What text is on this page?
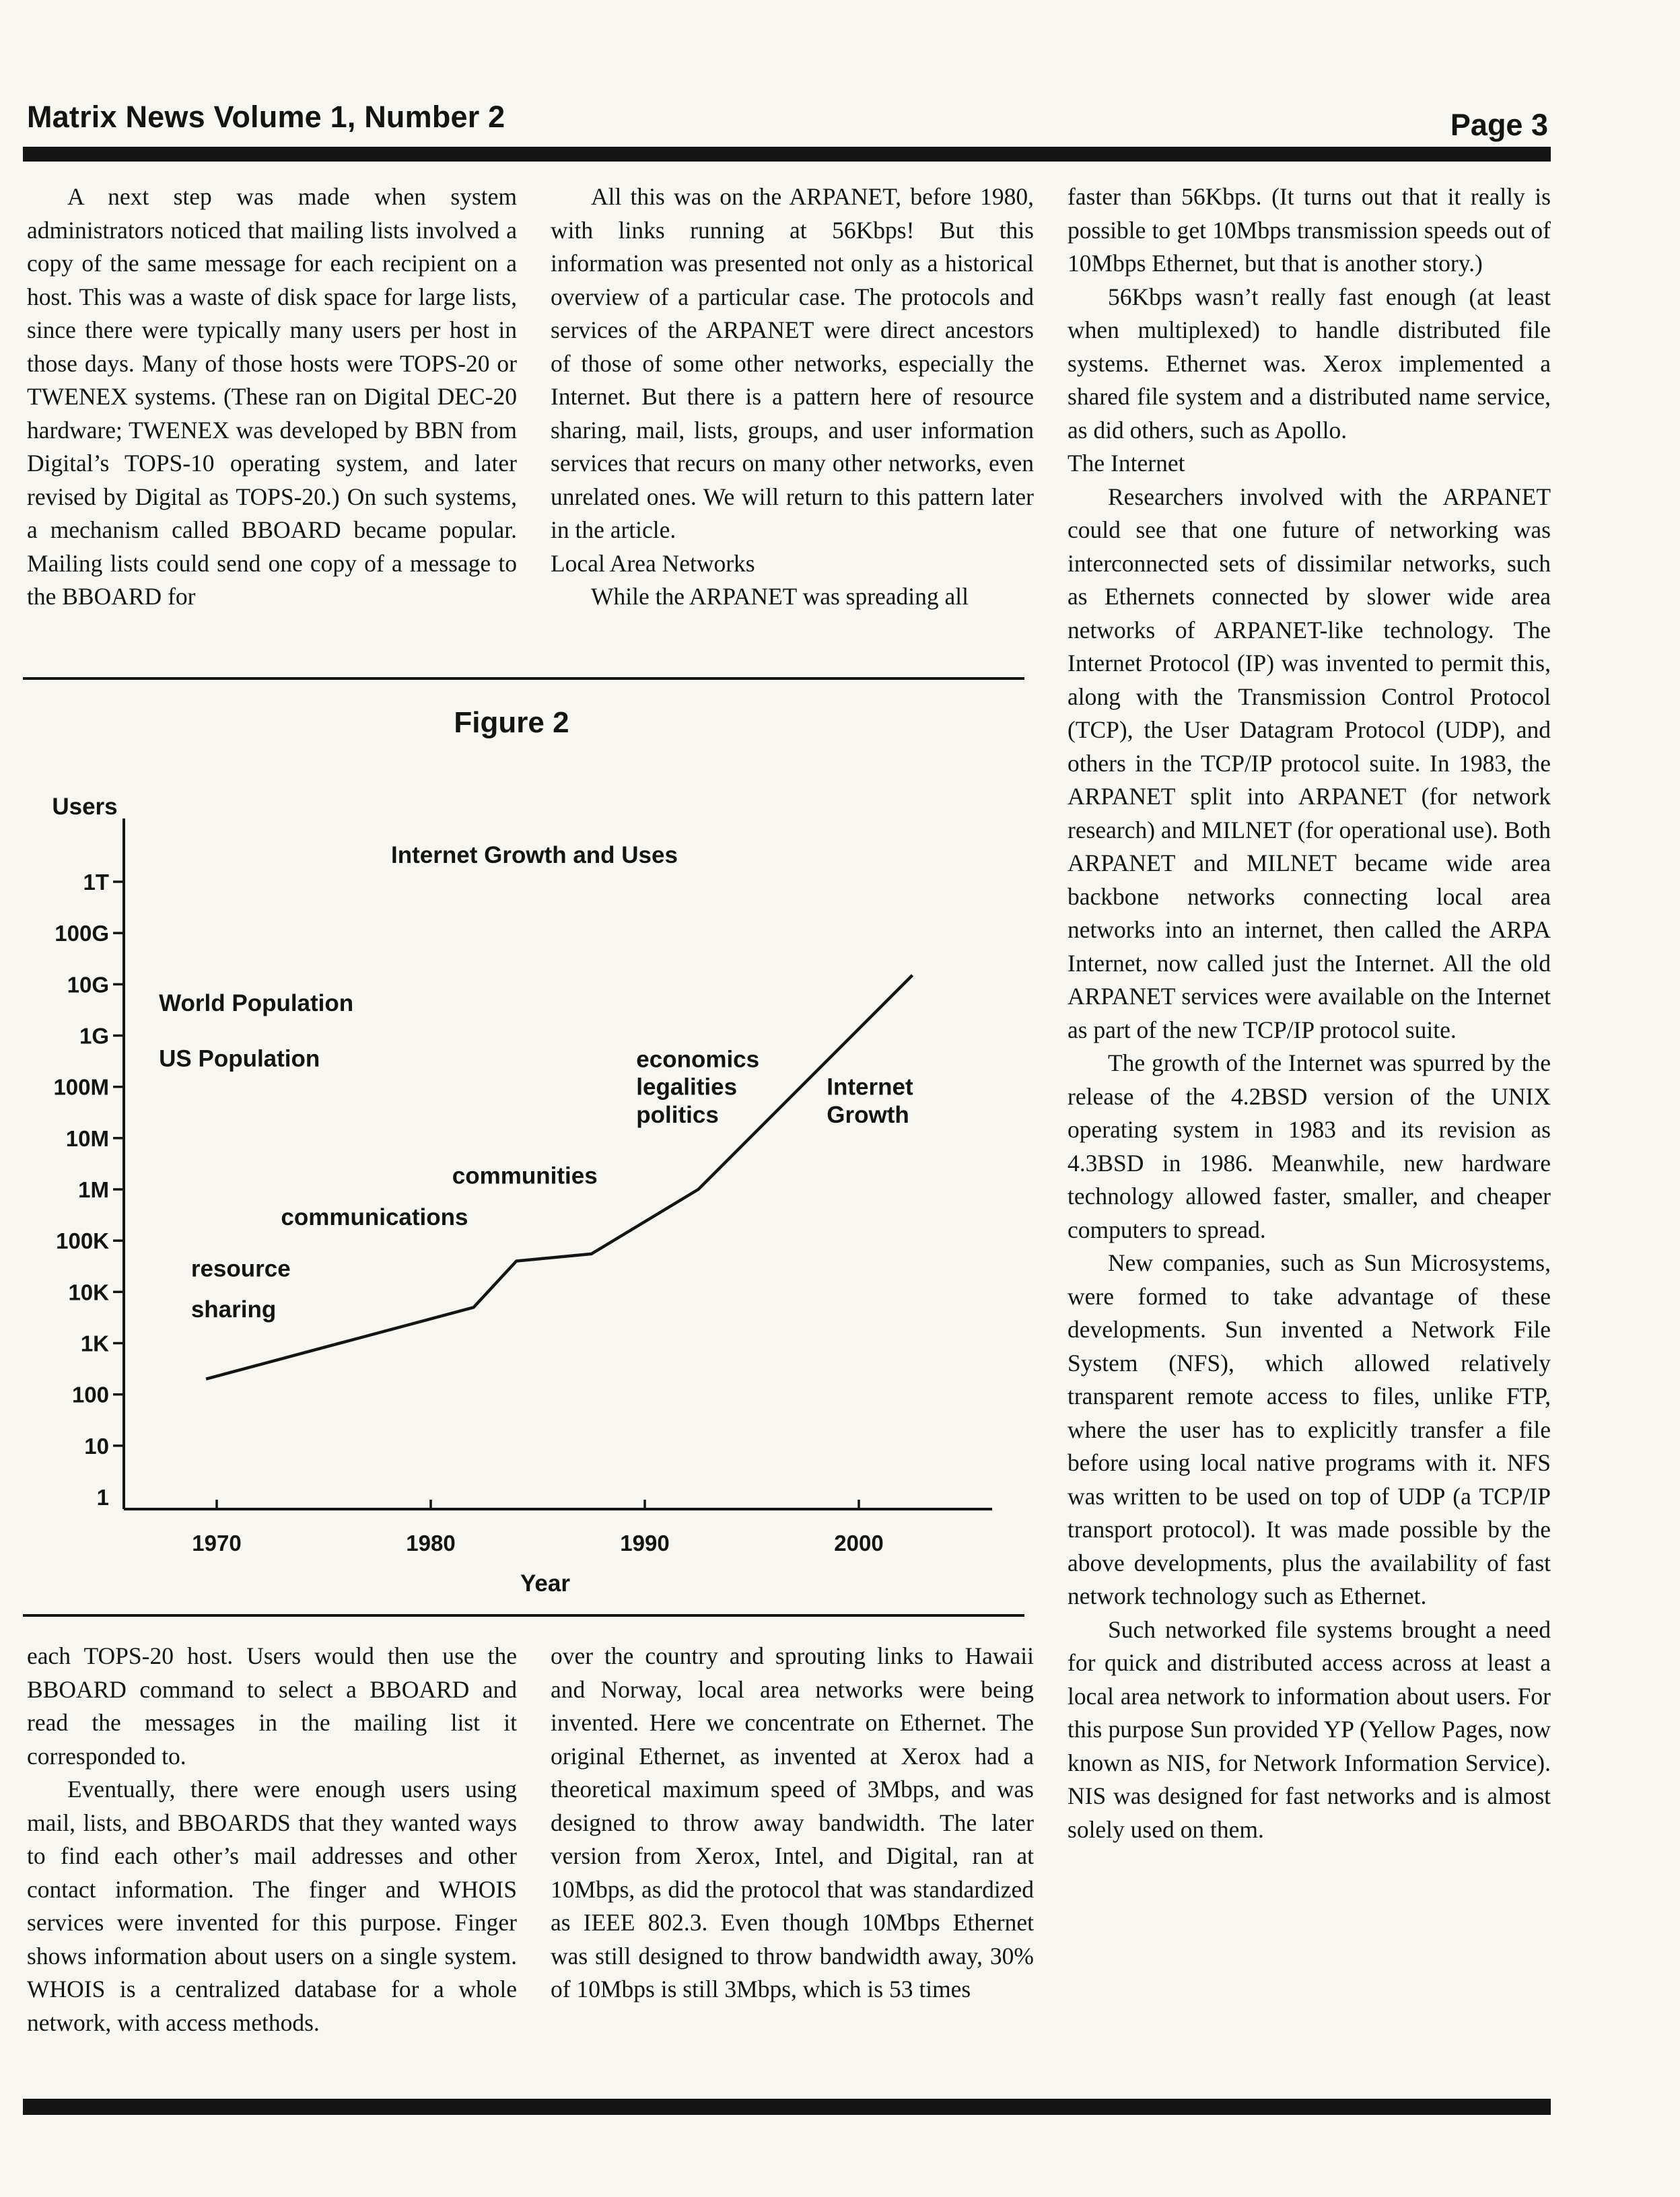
Matrix News Volume 1, Number 2	Page 3

A next step was made when system administrators noticed that mailing lists involved a copy of the same message for each recipient on a host. This was a waste of disk space for large lists, since there were typically many users per host in those days. Many of those hosts were TOPS-20 or TWENEX systems. (These ran on Digital DEC-20 hardware; TWENEX was developed by BBN from Digital’s TOPS-10 operating system, and later revised by Digital as TOPS-20.) On such systems, a mechanism called BBOARD became popular. Mailing lists could send one copy of a message to the BBOARD for

All this was on the ARPANET, before 1980, with links running at 56Kbps! But this information was presented not only as a historical overview of a particular case. The protocols and services of the ARPANET were direct ancestors of those of some other networks, especially the Internet. But there is a pattern here of resource sharing, mail, lists, groups, and user information services that recurs on many other networks, even unrelated ones. We will return to this pattern later in the article.

Local Area Networks

While the ARPANET was spreading all

faster than 56Kbps. (It turns out that it really is possible to get 10Mbps transmission speeds out of 10Mbps Ethernet, but that is another story.)

56Kbps wasn’t really fast enough (at least when multiplexed) to handle distributed file systems. Ethernet was. Xerox implemented a shared file system and a distributed name service, as did others, such as Apollo.

The Internet

Researchers involved with the ARPANET could see that one future of networking was interconnected sets of dissimilar networks, such as Ethernets connected by slower wide area networks of ARPANET-like technology. The Internet Protocol (IP) was invented to permit this, along with the Transmission Control Protocol (TCP), the User Datagram Protocol (UDP), and others in the TCP/IP protocol suite. In 1983, the ARPANET split into ARPANET (for network research) and MILNET (for operational use). Both ARPANET and MILNET became wide area backbone networks connecting local area networks into an internet, then called the ARPA Internet, now called just the Internet. All the old ARPANET services were available on the Internet as part of the new TCP/IP protocol suite.

The growth of the Internet was spurred by the release of the 4.2BSD version of the UNIX operating system in 1983 and its revision as 4.3BSD in 1986. Meanwhile, new hardware technology allowed faster, smaller, and cheaper computers to spread.

New companies, such as Sun Microsystems, were formed to take advantage of these developments. Sun invented a Network File System (NFS), which allowed relatively transparent remote access to files, unlike FTP, where the user has to explicitly transfer a file before using local native programs with it. NFS was written to be used on top of UDP (a TCP/IP transport protocol). It was made possible by the above developments, plus the availability of fast network technology such as Ethernet.

Such networked file systems brought a need for quick and distributed access across at least a local area network to information about users. For this purpose Sun provided YP (Yellow Pages, now known as NIS, for Network Information Service). NIS was designed for fast networks and is almost solely used on them.

Figure 2
Users
Internet Growth and Uses
Year
1T
100G
10G
1G
100M
10M
1M
100K
10K
1K
100
10
1
1970	1980	1990	2000
World Population
US Population
resource
sharing
communications
communities
economics
legalities
politics
Internet
Growth

each TOPS-20 host. Users would then use the BBOARD command to select a BBOARD and read the messages in the mailing list it corresponded to.

Eventually, there were enough users using mail, lists, and BBOARDS that they wanted ways to find each other’s mail addresses and other contact information. The finger and WHOIS services were invented for this purpose. Finger shows information about users on a single system. WHOIS is a centralized database for a whole network, with access methods.

over the country and sprouting links to Hawaii and Norway, local area networks were being invented. Here we concentrate on Ethernet. The original Ethernet, as invented at Xerox had a theoretical maximum speed of 3Mbps, and was designed to throw away bandwidth. The later version from Xerox, Intel, and Digital, ran at 10Mbps, as did the protocol that was standardized as IEEE 802.3. Even though 10Mbps Ethernet was still designed to throw bandwidth away, 30% of 10Mbps is still 3Mbps, which is 53 times
